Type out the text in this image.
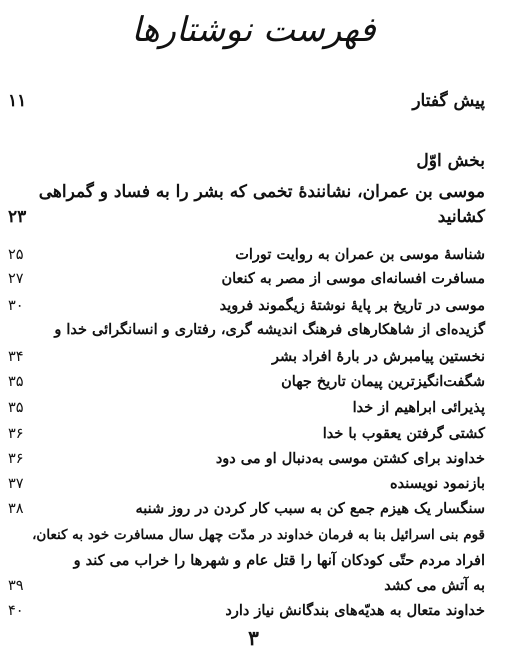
فهرست نوشتارها
پیش گفتار
۱۱
بخش اوّل
موسی بن عمران، نشانندهٔ تخمی که بشر را به فساد و گمراهی
کشانید
۲۳
شناسهٔ موسی بن عمران به روایت تورات
۲۵
مسافرت افسانه‌ای موسی از مصر به کنعان
۲۷
موسی در تاریخ بر پایهٔ نوشتهٔ زیگموند فروید
۳۰
گزیده‌ای از شاهکارهای فرهنگ اندیشه گری، رفتاری و انسانگرائی خدا و
نخستین پیامبرش در بارهٔ افراد بشر
۳۴
شگفت‌انگیزترین پیمان تاریخ جهان
۳۵
پذیرائی ابراهیم از خدا
۳۵
کشتی گرفتن یعقوب با خدا
۳۶
خداوند برای کشتن موسی به‌دنبال او می دود
۳۶
بازنمود نویسنده
۳۷
سنگسار یک هیزم جمع کن به سبب کار کردن در روز شنبه
۳۸
قوم بنی اسرائیل بنا به فرمان خداوند در مدّت چهل سال مسافرت خود به کنعان،
افراد مردم حتّی کودکان آنها را قتل عام و شهرها را خراب می کند و
به آتش می کشد
۳۹
خداوند متعال به هدیّه‌های بندگانش نیاز دارد
۴۰
۳
